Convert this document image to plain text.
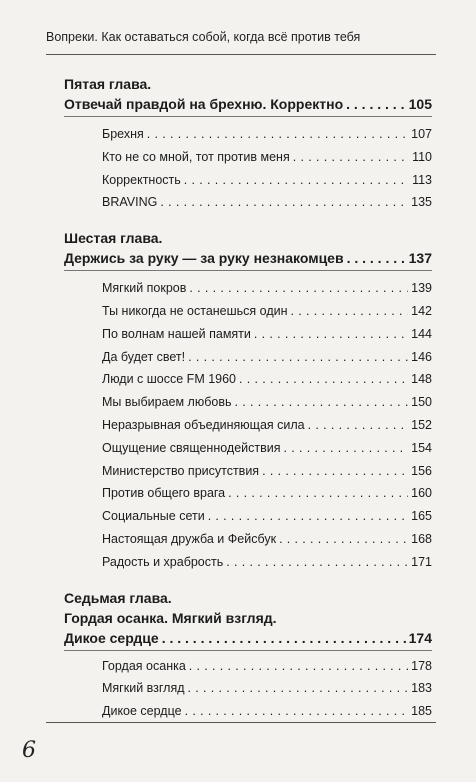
Вопреки. Как оставаться собой, когда всё против тебя
Пятая глава.
Отвечай правдой на брехню. Корректно . . .	105
Брехня . . .	107
Кто не со мной, тот против меня . . .	110
Корректность . . .	113
BRAVING . . .	135
Шестая глава.
Держись за руку — за руку незнакомцев . . .	137
Мягкий покров . . .	139
Ты никогда не останешься один . . .	142
По волнам нашей памяти . . .	144
Да будет свет! . . .	146
Люди с шоссе FM 1960 . . .	148
Мы выбираем любовь . . .	150
Неразрывная объединяющая сила . . .	152
Ощущение священнодействия . . .	154
Министерство присутствия . . .	156
Против общего врага . . .	160
Социальные сети . . .	165
Настоящая дружба и Фейсбук . . .	168
Радость и храбрость . . .	171
Седьмая глава.
Гордая осанка. Мягкий взгляд.
Дикое сердце . . .	174
Гордая осанка . . .	178
Мягкий взгляд . . .	183
Дикое сердце . . .	185
6
